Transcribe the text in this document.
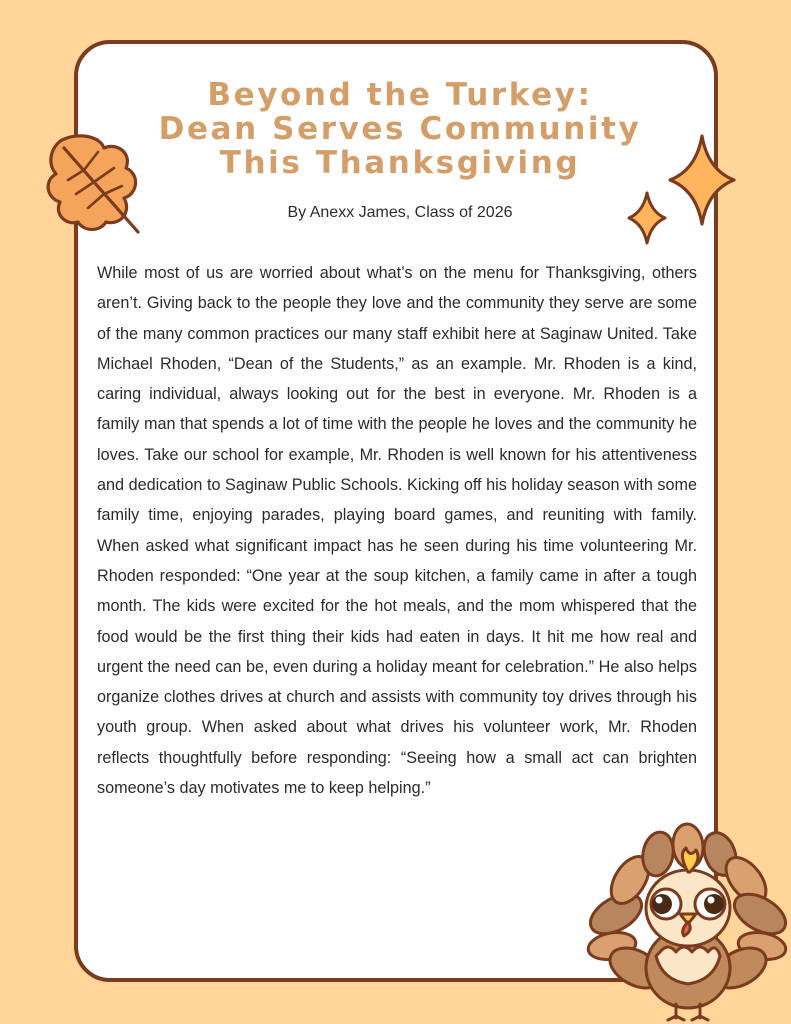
Beyond the Turkey:
Dean Serves Community
This Thanksgiving
By Anexx James, Class of 2026

While most of us are worried about what’s on the menu for Thanksgiving, others aren’t. Giving back to the people they love and the community they serve are some of the many common practices our many staff exhibit here at Saginaw United. Take Michael Rhoden, “Dean of the Students,” as an example. Mr. Rhoden is a kind, caring individual, always looking out for the best in everyone. Mr. Rhoden is a family man that spends a lot of time with the people he loves and the community he loves. Take our school for example, Mr. Rhoden is well known for his attentiveness and dedication to Saginaw Public Schools. Kicking off his holiday season with some family time, enjoying parades, playing board games, and reuniting with family. When asked what significant impact has he seen during his time volunteering Mr. Rhoden responded: “One year at the soup kitchen, a family came in after a tough month. The kids were excited for the hot meals, and the mom whispered that the food would be the first thing their kids had eaten in days. It hit me how real and urgent the need can be, even during a holiday meant for celebration.” He also helps organize clothes drives at church and assists with community toy drives through his youth group. When asked about what drives his volunteer work, Mr. Rhoden reflects thoughtfully before responding: “Seeing how a small act can brighten someone’s day motivates me to keep helping.”
